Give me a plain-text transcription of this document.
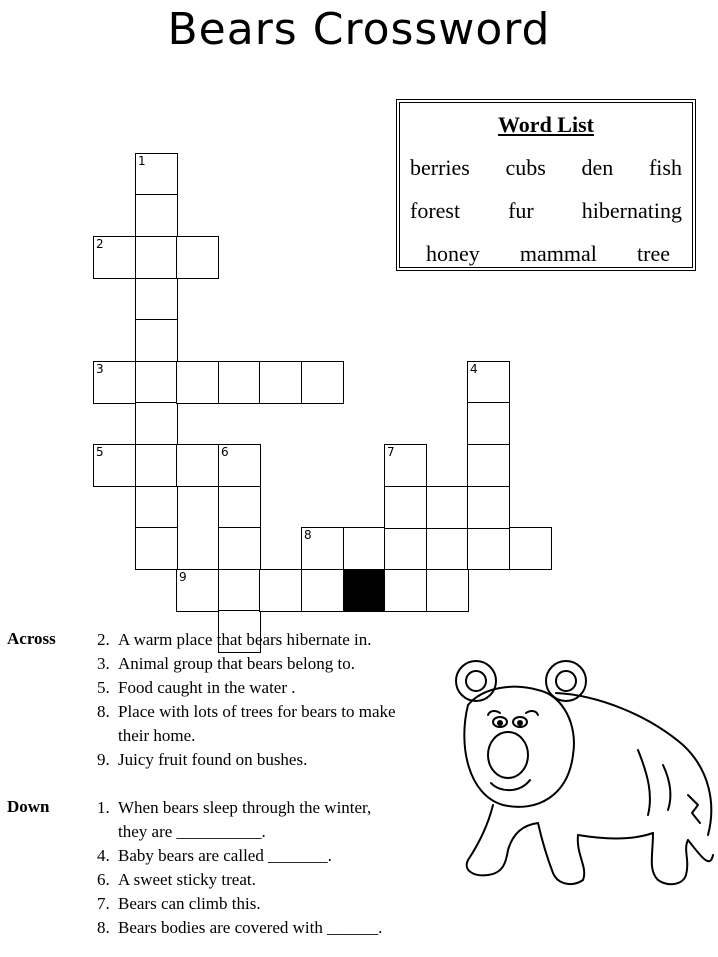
Bears Crossword
1
2
3
5	6
8
7
4
9
Word List
berries cubs den fish
forest fur hibernating
honey mammal tree
Across 2. A warm place that bears hibernate in.
3. Animal group that bears belong to.
5. Food caught in the water .
8. Place with lots of trees for bears to make
their home.
9. Juicy fruit found on bushes.
Down	1. When bears sleep through the winter,
they are __________.
4. Baby bears are called _______.
6. A sweet sticky treat.
7. Bears can climb this.
8. Bears bodies are covered with ______.
